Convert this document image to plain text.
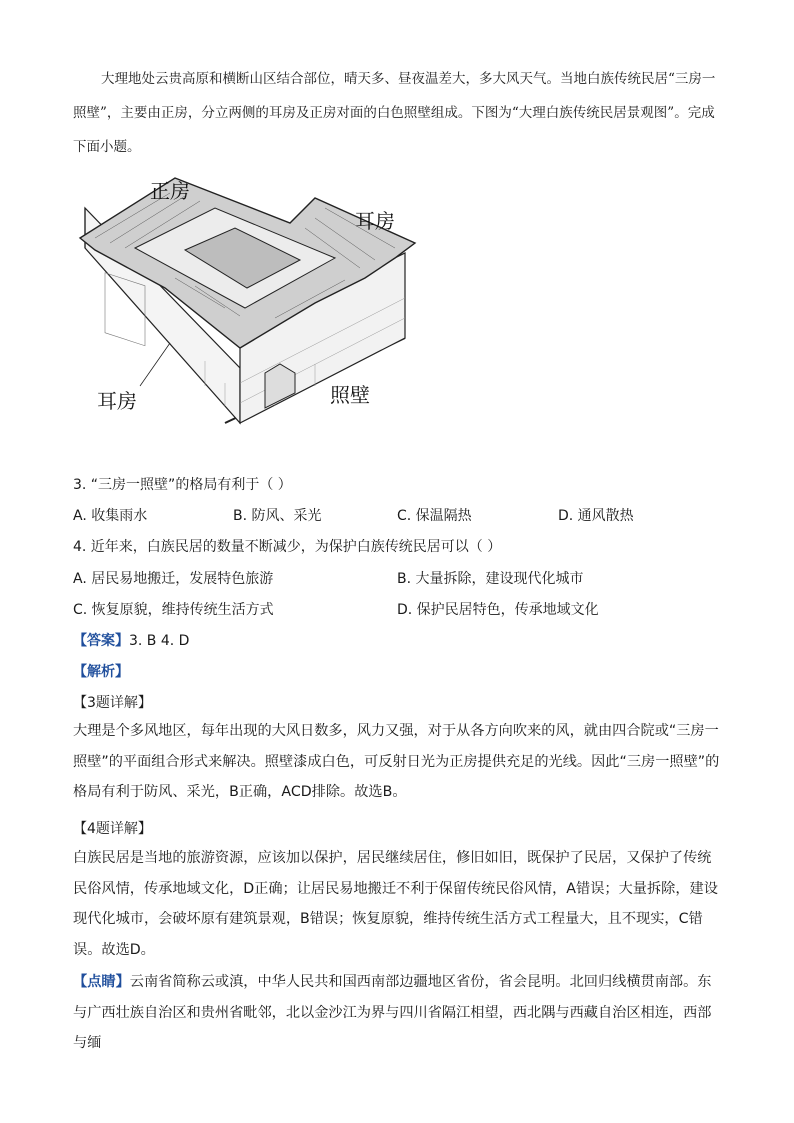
大理地处云贵高原和横断山区结合部位，晴天多、昼夜温差大，多大风天气。当地白族传统民居“三房一照壁”，主要由正房，分立两侧的耳房及正房对面的白色照壁组成。下图为“大理白族传统民居景观图”。完成下面小题。

正房
耳房
耳房	照壁
3. “三房一照壁”的格局有利于（ ）
A. 收集雨水	B. 防风、采光	C. 保温隔热	D. 通风散热
4. 近年来，白族民居的数量不断减少，为保护白族传统民居可以（ ）
A. 居民易地搬迁，发展特色旅游	B. 大量拆除，建设现代化城市
C. 恢复原貌，维持传统生活方式	D. 保护民居特色，传承地域文化
【答案】3. B 4. D
【解析】
【3题详解】

大理是个多风地区，每年出现的大风日数多，风力又强，对于从各方向吹来的风，就由四合院或“三房一照壁”的平面组合形式来解决。照壁漆成白色，可反射日光为正房提供充足的光线。因此“三房一照壁”的格局有利于防风、采光，B正确，ACD排除。故选B。

【4题详解】

白族民居是当地的旅游资源，应该加以保护，居民继续居住，修旧如旧，既保护了民居，又保护了传统民俗风情，传承地域文化，D正确；让居民易地搬迁不利于保留传统民俗风情，A错误；大量拆除，建设现代化城市，会破坏原有建筑景观，B错误；恢复原貌，维持传统生活方式工程量大，且不现实，C错误。故选D。

【点睛】云南省简称云或滇，中华人民共和国西南部边疆地区省份，省会昆明。北回归线横贯南部。东与广西壮族自治区和贵州省毗邻，北以金沙江为界与四川省隔江相望，西北隅与西藏自治区相连，西部与缅
